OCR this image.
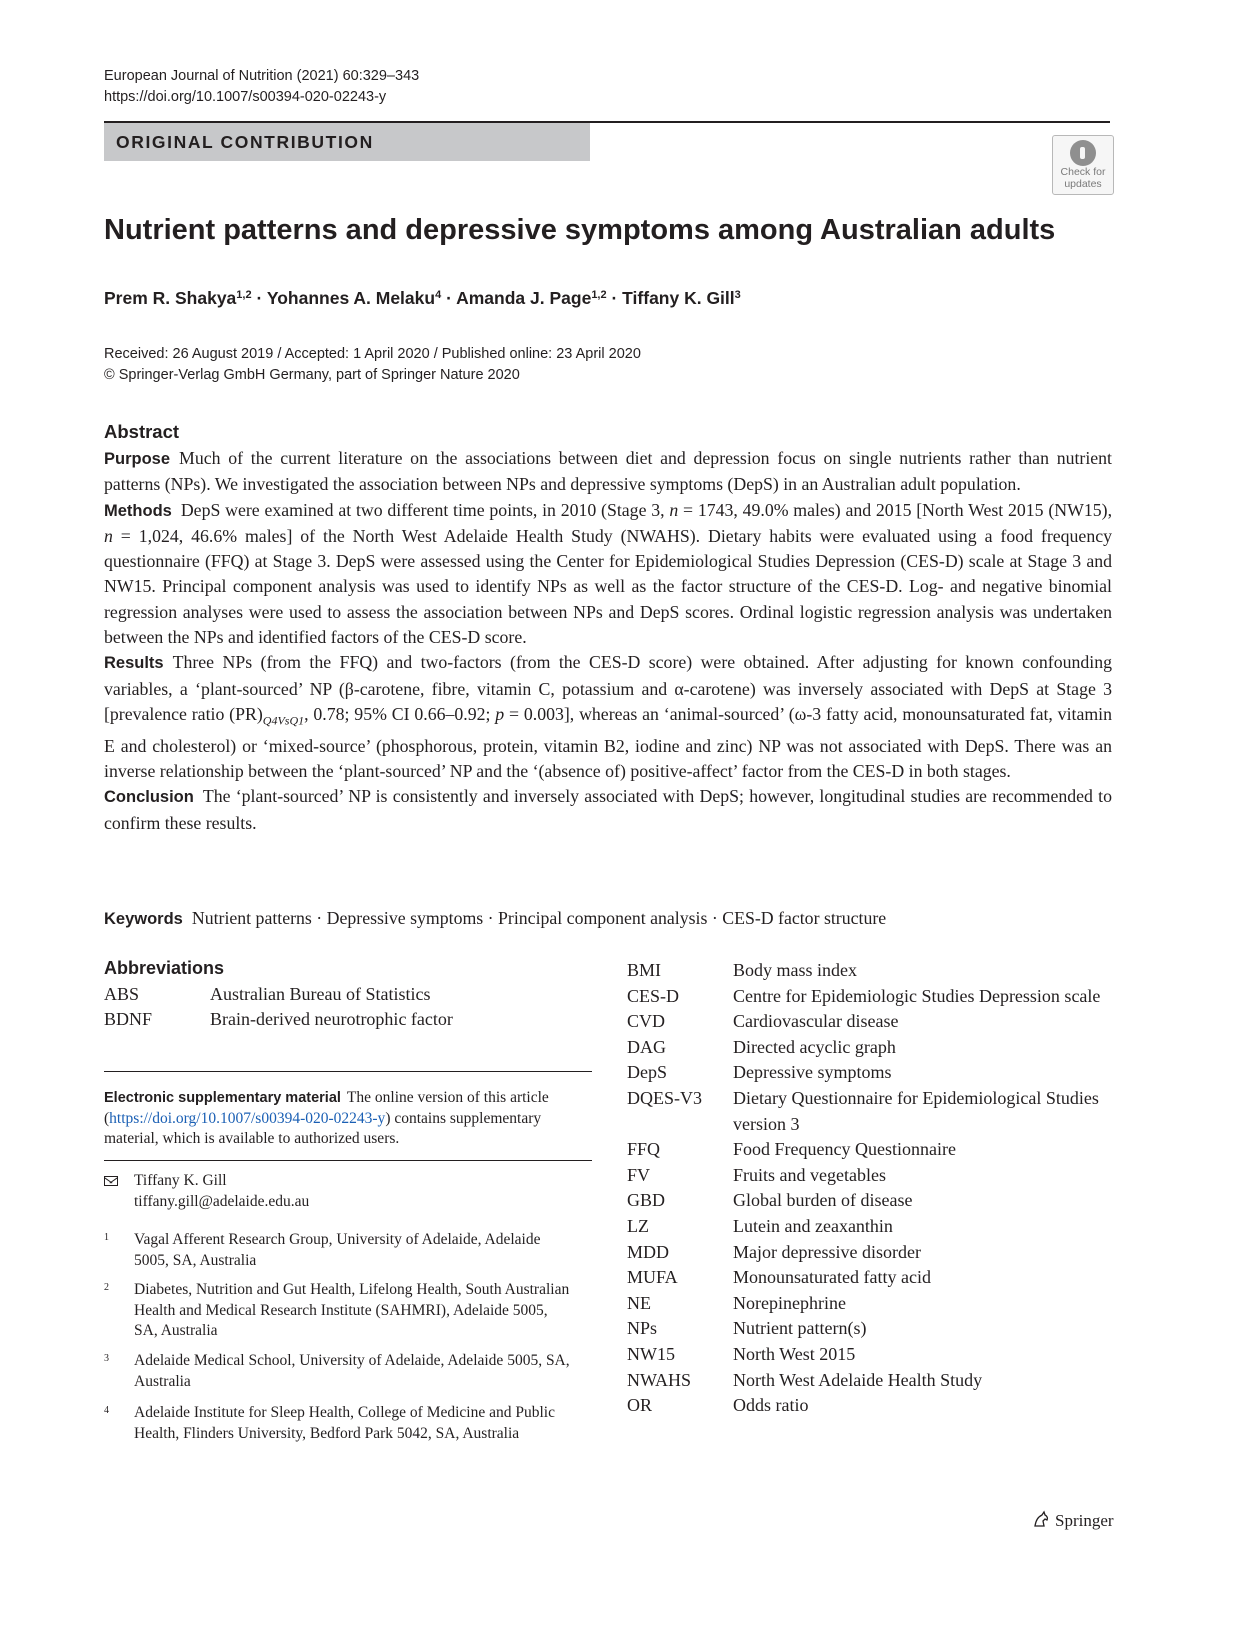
European Journal of Nutrition (2021) 60:329–343
https://doi.org/10.1007/s00394-020-02243-y
ORIGINAL CONTRIBUTION
Check for
updates
Nutrient patterns and depressive symptoms among Australian adults
Prem R. Shakya$^{1,2}$ · Yohannes A. Melaku$^4$ · Amanda J. Page$^{1,2}$ · Tiffany K. Gill$^3$
Received: 26 August 2019 / Accepted: 1 April 2020 / Published online: 23 April 2020
© Springer-Verlag GmbH Germany, part of Springer Nature 2020
Abstract

Purpose Much of the current literature on the associations between diet and depression focus on single nutrients rather than nutrient patterns (NPs). We investigated the association between NPs and depressive symptoms (DepS) in an Australian adult population.

Methods DepS were examined at two different time points, in 2010 (Stage 3, n = 1743, 49.0% males) and 2015 [North West 2015 (NW15), n = 1,024, 46.6% males] of the North West Adelaide Health Study (NWAHS). Dietary habits were evaluated using a food frequency questionnaire (FFQ) at Stage 3. DepS were assessed using the Center for Epidemiological Studies Depression (CES-D) scale at Stage 3 and NW15. Principal component analysis was used to identify NPs as well as the factor structure of the CES-D. Log- and negative binomial regression analyses were used to assess the association between NPs and DepS scores. Ordinal logistic regression analysis was undertaken between the NPs and identified factors of the CES-D score.

Results Three NPs (from the FFQ) and two-factors (from the CES-D score) were obtained. After adjusting for known confounding variables, a ‘plant-sourced’ NP (β-carotene, fibre, vitamin C, potassium and α-carotene) was inversely associated with DepS at Stage 3 [prevalence ratio $(PR)_{Q4VsQ1}$, 0.78; 95% CI 0.66–0.92; p = 0.003], whereas an ‘animal-sourced’ (ω-3 fatty acid, monounsaturated fat, vitamin E and cholesterol) or ‘mixed-source’ (phosphorous, protein, vitamin B2, iodine and zinc) NP was not associated with DepS. There was an inverse relationship between the ‘plant-sourced’ NP and the ‘(absence of) positive-affect’ factor from the CES-D in both stages.

Conclusion The ‘plant-sourced’ NP is consistently and inversely associated with DepS; however, longitudinal studies are recommended to confirm these results.

Keywords Nutrient patterns · Depressive symptoms · Principal component analysis · CES-D factor structure
Abbreviations
ABS	Australian Bureau of Statistics
BDNF	Brain-derived neurotrophic factor
Electronic supplementary material The online version of this article (https://doi.org/10.1007/s00394-020-02243-y) contains supplementary material, which is available to authorized users.
Tiffany K. Gill
tiffany.gill@adelaide.edu.au
1 Vagal Afferent Research Group, University of Adelaide, Adelaide 5005, SA, Australia
2 Diabetes, Nutrition and Gut Health, Lifelong Health, South Australian Health and Medical Research Institute (SAHMRI), Adelaide 5005, SA, Australia
3 Adelaide Medical School, University of Adelaide, Adelaide 5005, SA, Australia
4 Adelaide Institute for Sleep Health, College of Medicine and Public Health, Flinders University, Bedford Park 5042, SA, Australia
BMI	Body mass index
CES-D	Centre for Epidemiologic Studies Depression scale
CVD	Cardiovascular disease
DAG	Directed acyclic graph
DepS	Depressive symptoms
DQES-V3	Dietary Questionnaire for Epidemiological Studies version 3
FFQ	Food Frequency Questionnaire
FV	Fruits and vegetables
GBD	Global burden of disease
LZ	Lutein and zeaxanthin
MDD	Major depressive disorder
MUFA	Monounsaturated fatty acid
NE	Norepinephrine
NPs	Nutrient pattern(s)
NW15	North West 2015
NWAHS	North West Adelaide Health Study
OR	Odds ratio
Springer
